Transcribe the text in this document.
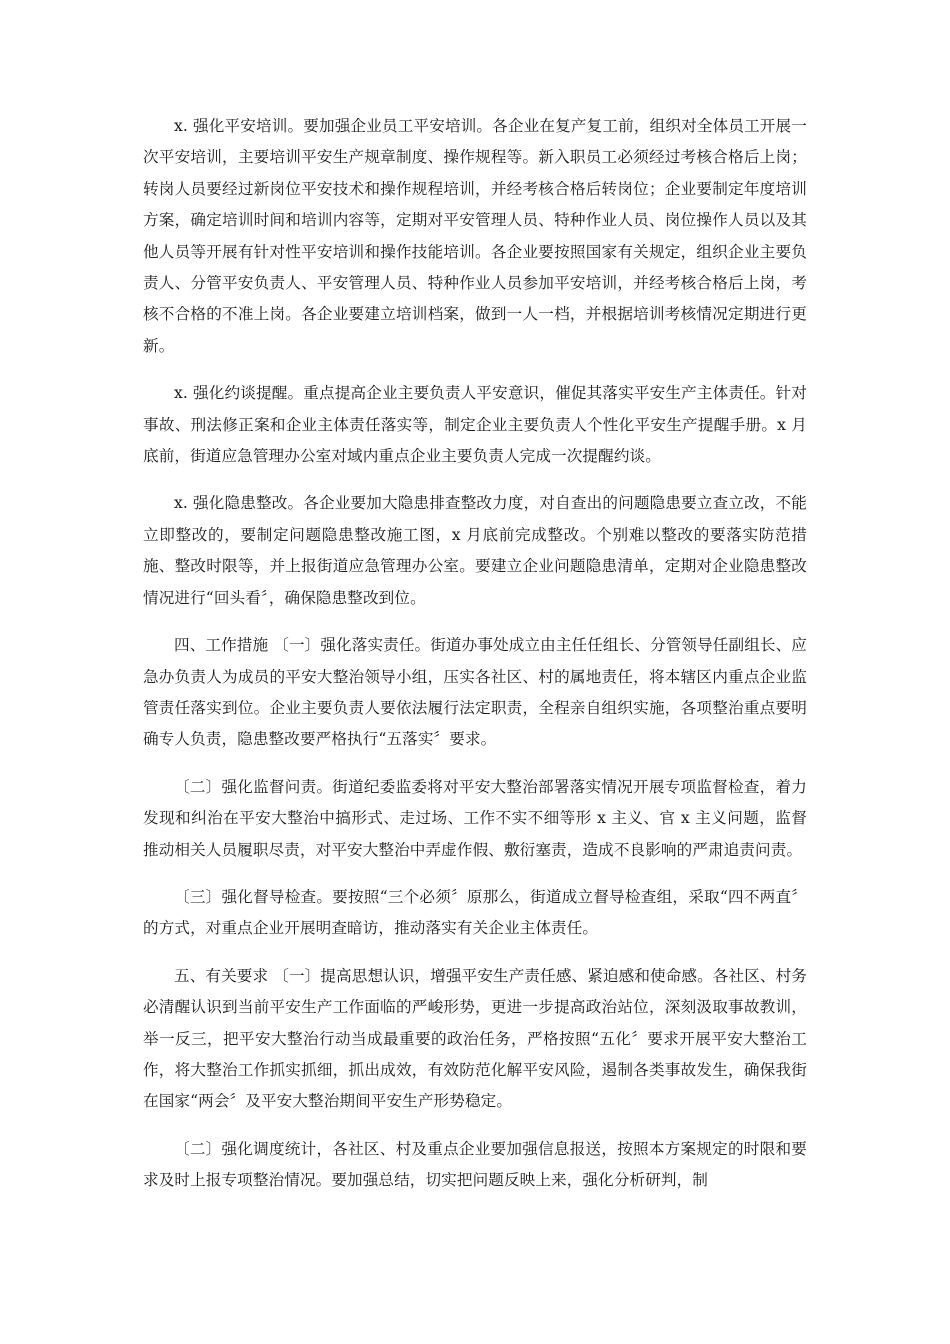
x. 强化平安培训。要加强企业员工平安培训。各企业在复产复工前，组织对全体员工开展一次平安培训，主要培训平安生产规章制度、操作规程等。新入职员工必须经过考核合格后上岗；转岗人员要经过新岗位平安技术和操作规程培训，并经考核合格后转岗位；企业要制定年度培训方案，确定培训时间和培训内容等，定期对平安管理人员、特种作业人员、岗位操作人员以及其他人员等开展有针对性平安培训和操作技能培训。各企业要按照国家有关规定，组织企业主要负责人、分管平安负责人、平安管理人员、特种作业人员参加平安培训，并经考核合格后上岗，考核不合格的不准上岗。各企业要建立培训档案，做到一人一档，并根据培训考核情况定期进行更新。

x. 强化约谈提醒。重点提高企业主要负责人平安意识，催促其落实平安生产主体责任。针对事故、刑法修正案和企业主体责任落实等，制定企业主要负责人个性化平安生产提醒手册。x 月底前，街道应急管理办公室对域内重点企业主要负责人完成一次提醒约谈。

x. 强化隐患整改。各企业要加大隐患排查整改力度，对自查出的问题隐患要立查立改，不能立即整改的，要制定问题隐患整改施工图，x 月底前完成整改。个别难以整改的要落实防范措施、整改时限等，并上报街道应急管理办公室。要建立企业问题隐患清单，定期对企业隐患整改情况进行“回头看〞，确保隐患整改到位。

四、工作措施 〔一〕强化落实责任。街道办事处成立由主任任组长、分管领导任副组长、应急办负责人为成员的平安大整治领导小组，压实各社区、村的属地责任，将本辖区内重点企业监管责任落实到位。企业主要负责人要依法履行法定职责，全程亲自组织实施，各项整治重点要明确专人负责，隐患整改要严格执行“五落实〞要求。

〔二〕强化监督问责。街道纪委监委将对平安大整治部署落实情况开展专项监督检查，着力发现和纠治在平安大整治中搞形式、走过场、工作不实不细等形 x 主义、官 x 主义问题，监督推动相关人员履职尽责，对平安大整治中弄虚作假、敷衍塞责，造成不良影响的严肃追责问责。

〔三〕强化督导检查。要按照“三个必须〞原那么，街道成立督导检查组，采取“四不两直〞的方式，对重点企业开展明查暗访，推动落实有关企业主体责任。

五、有关要求 〔一〕提高思想认识，增强平安生产责任感、紧迫感和使命感。各社区、村务必清醒认识到当前平安生产工作面临的严峻形势，更进一步提高政治站位，深刻汲取事故教训，举一反三，把平安大整治行动当成最重要的政治任务，严格按照“五化〞要求开展平安大整治工作，将大整治工作抓实抓细，抓出成效，有效防范化解平安风险，遏制各类事故发生，确保我街在国家“两会〞及平安大整治期间平安生产形势稳定。

〔二〕强化调度统计，各社区、村及重点企业要加强信息报送，按照本方案规定的时限和要求及时上报专项整治情况。要加强总结，切实把问题反映上来，强化分析研判，制
